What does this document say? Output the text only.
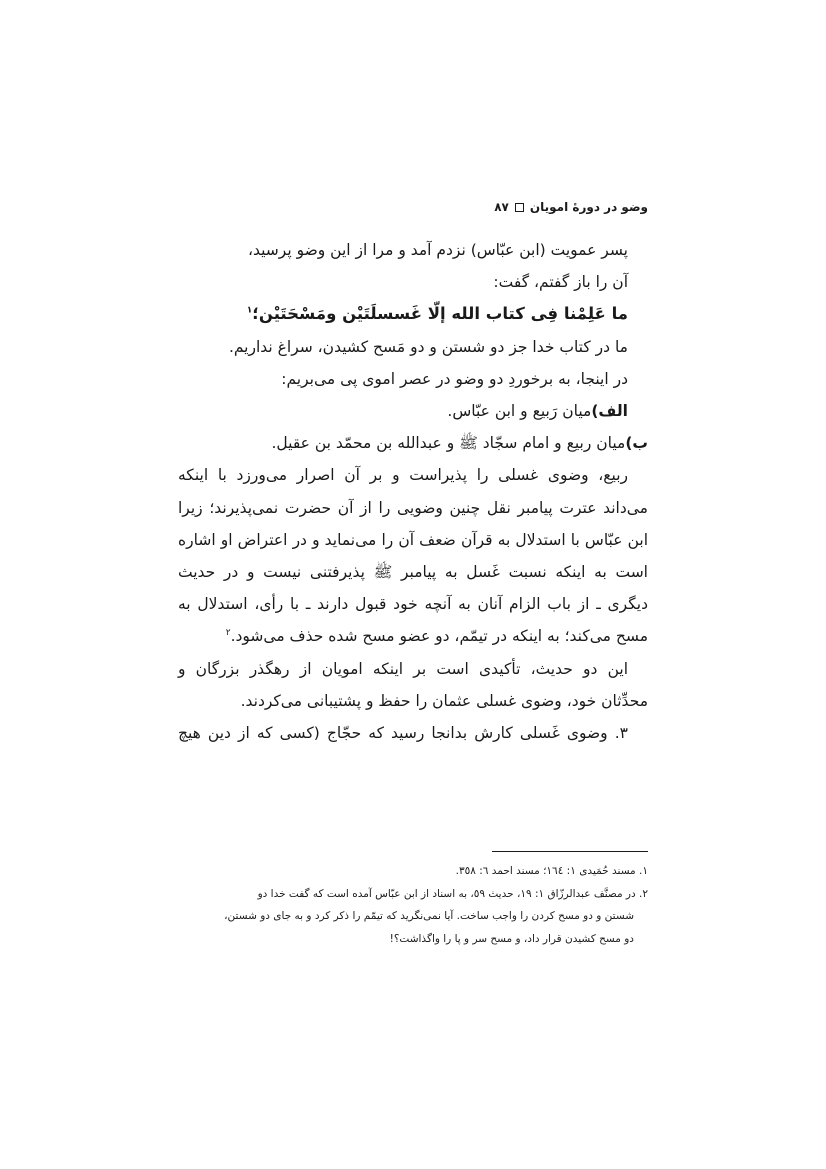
وضو در دورهٔ امویان
۸۷
پسر عمویت (ابن عبّاس) نزدم آمد و مرا از این وضو پرسید،
آن را باز گفتم، گفت:
ما عَلِمْنا فِی کتاب الله إلّا غَسسلَتَیْن ومَسْحَتَیْن؛$^۱$
ما در کتاب خدا جز دو شستن و دو مَسح کشیدن، سراغ نداریم.
در اینجا، به برخوردِ دو وضو در عصر اموی پی می‌بریم:
الف)میان رَبیع و ابن عبّاس.
ب)میان ربیع و امام سجّاد ﷺ و عبدالله بن محمّد بن عقیل.
ربیع، وضوی غسلی را پذیراست و بر آن اصرار می‌ورزد با اینکه
می‌داند عترت پیامبر نقل چنین وضویی را از آن حضرت نمی‌پذیرند؛ زیرا
ابن عبّاس با استدلال به قرآن ضعف آن را می‌نماید و در اعتراض او اشاره
است به اینکه نسبت غَسل به پیامبر ﷺ پذیرفتنی نیست و در حدیث
دیگری ـ از باب الزام آنان به آنچه خود قبول دارند ـ با رأی، استدلال به
مسح می‌کند؛ به اینکه در تیمّم، دو عضو مسح شده حذف می‌شود.$^۲$
این دو حدیث، تأکیدی است بر اینکه امویان از رهگذر بزرگان و
محدِّثان خود، وضوی غسلی عثمان را حفظ و پشتیبانی می‌کردند.
۳. وضوی غَسلی کارش بدانجا رسید که حجّاج (کسی که از دین هیچ
۱. مسند حُمَیدی ۱: ۱٦٤؛ مسند احمد ٦: ۳٥۸.
۲. در مصنَّف عبدالرزّاق ۱: ۱۹، حدیث ٥۹، به اسناد از ابن عبّاس آمده است که گفت خدا دو
شستن و دو مسح کردن را واجب ساخت. آیا نمی‌نگرید که تیمّم را ذکر کرد و به جای دو شستن،
دو مسح کشیدن قرار داد، و مسح سر و پا را واگذاشت؟!
